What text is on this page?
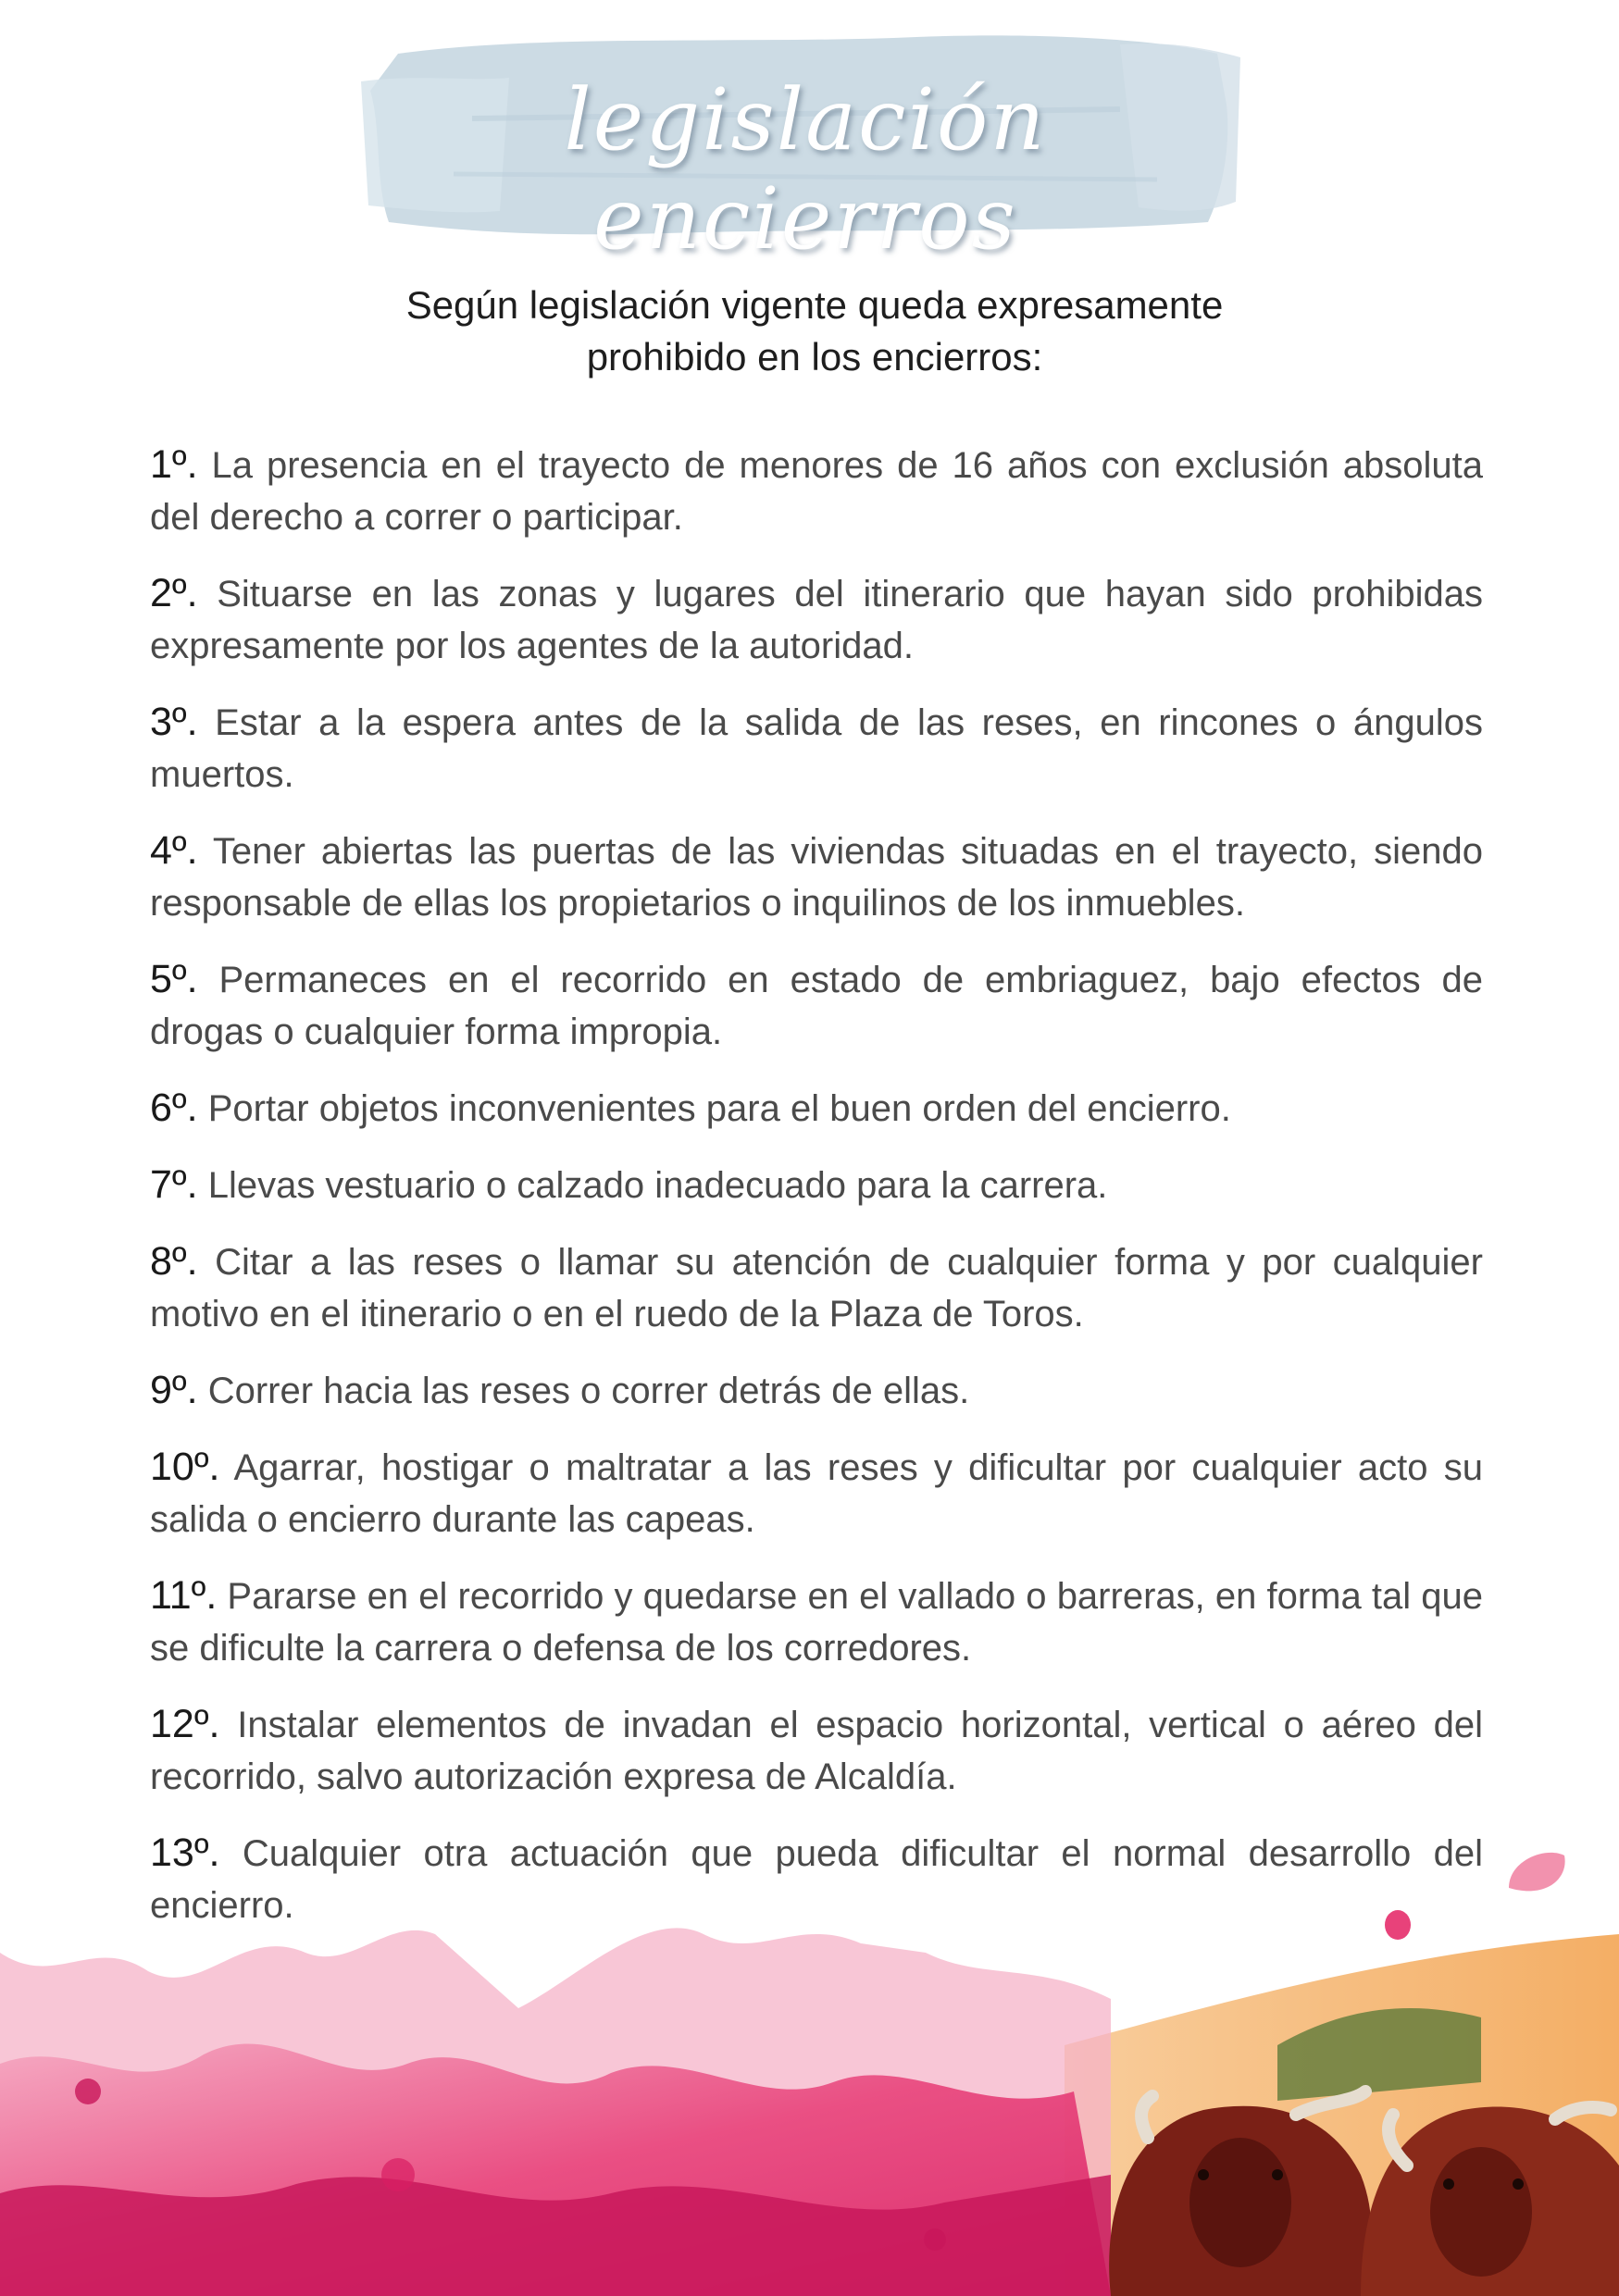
legislación encierros
Según legislación vigente queda expresamente
prohibido en los encierros:
1º. La presencia en el trayecto de menores de 16 años con exclusión absoluta del derecho a correr o participar.
2º. Situarse en las zonas y lugares del itinerario que hayan sido prohibidas expresamente por los agentes de la autoridad.
3º. Estar a la espera antes de la salida de las reses, en rincones o ángulos muertos.
4º. Tener abiertas las puertas de las viviendas situadas en el trayecto, siendo responsable de ellas los propietarios o inquilinos de los inmuebles.
5º. Permaneces en el recorrido en estado de embriaguez, bajo efectos de drogas o cualquier forma impropia.
6º. Portar objetos inconvenientes para el buen orden del encierro.
7º. Llevas vestuario o calzado inadecuado para la carrera.
8º. Citar a las reses o llamar su atención de cualquier forma y por cualquier motivo en el itinerario o en el ruedo de la Plaza de Toros.
9º. Correr hacia las reses o correr detrás de ellas.
10º. Agarrar, hostigar o maltratar a las reses y dificultar por cualquier acto su salida o encierro durante las capeas.
11º. Pararse en el recorrido y quedarse en el vallado o barreras, en forma tal que se dificulte la carrera o defensa de los corredores.
12º. Instalar elementos de invadan el espacio horizontal, vertical o aéreo del recorrido, salvo autorización expresa de Alcaldía.
13º. Cualquier otra actuación que pueda dificultar el normal desarrollo del encierro.
